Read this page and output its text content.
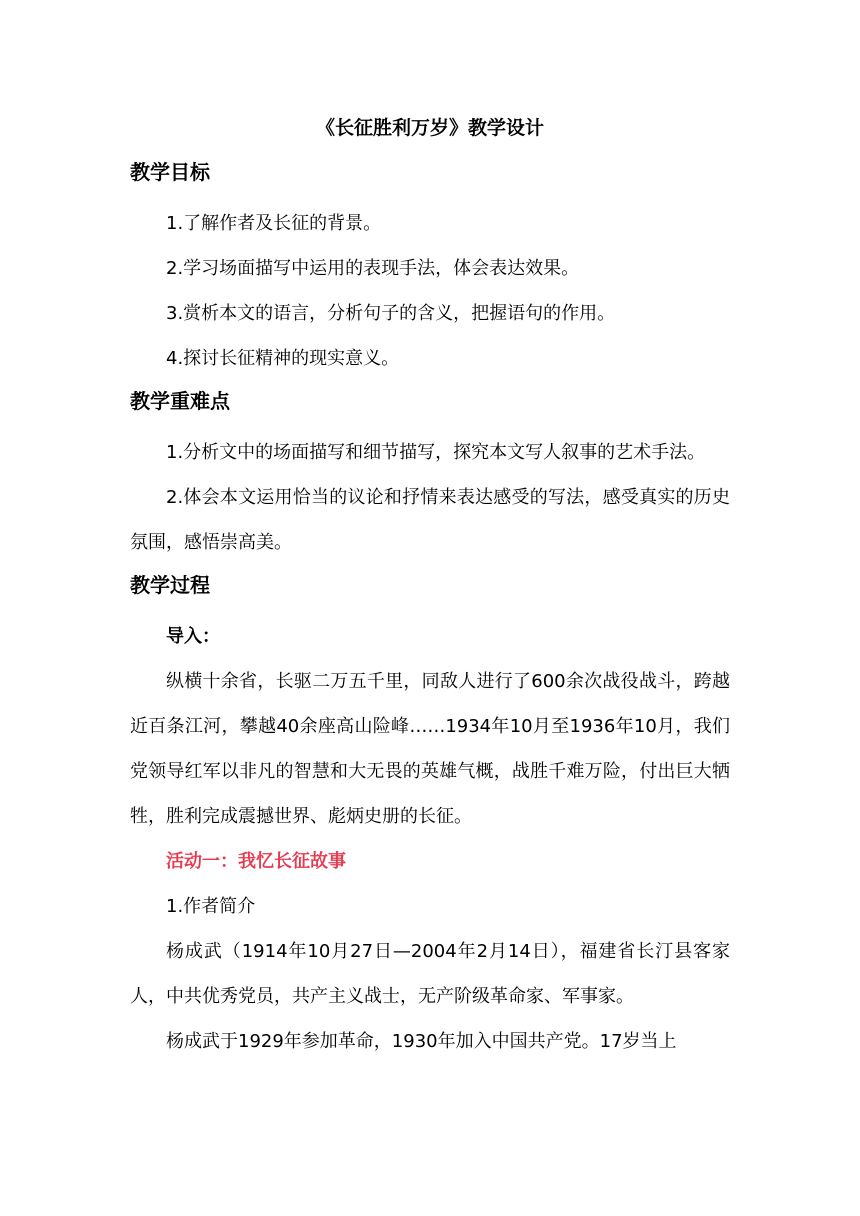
《长征胜利万岁》教学设计
教学目标

1.了解作者及长征的背景。

2.学习场面描写中运用的表现手法，体会表达效果。

3.赏析本文的语言，分析句子的含义，把握语句的作用。

4.探讨长征精神的现实意义。

教学重难点

1.分析文中的场面描写和细节描写，探究本文写人叙事的艺术手法。

2.体会本文运用恰当的议论和抒情来表达感受的写法，感受真实的历史氛围，感悟崇高美。

教学过程

导入：

纵横十余省，长驱二万五千里，同敌人进行了600余次战役战斗，跨越近百条江河，攀越40余座高山险峰……1934年10月至1936年10月，我们党领导红军以非凡的智慧和大无畏的英雄气概，战胜千难万险，付出巨大牺牲，胜利完成震撼世界、彪炳史册的长征。

活动一：我忆长征故事

1.作者简介

杨成武（1914年10月27日—2004年2月14日），福建省长汀县客家人，中共优秀党员，共产主义战士，无产阶级革命家、军事家。

杨成武于1929年参加革命，1930年加入中国共产党。17岁当上
